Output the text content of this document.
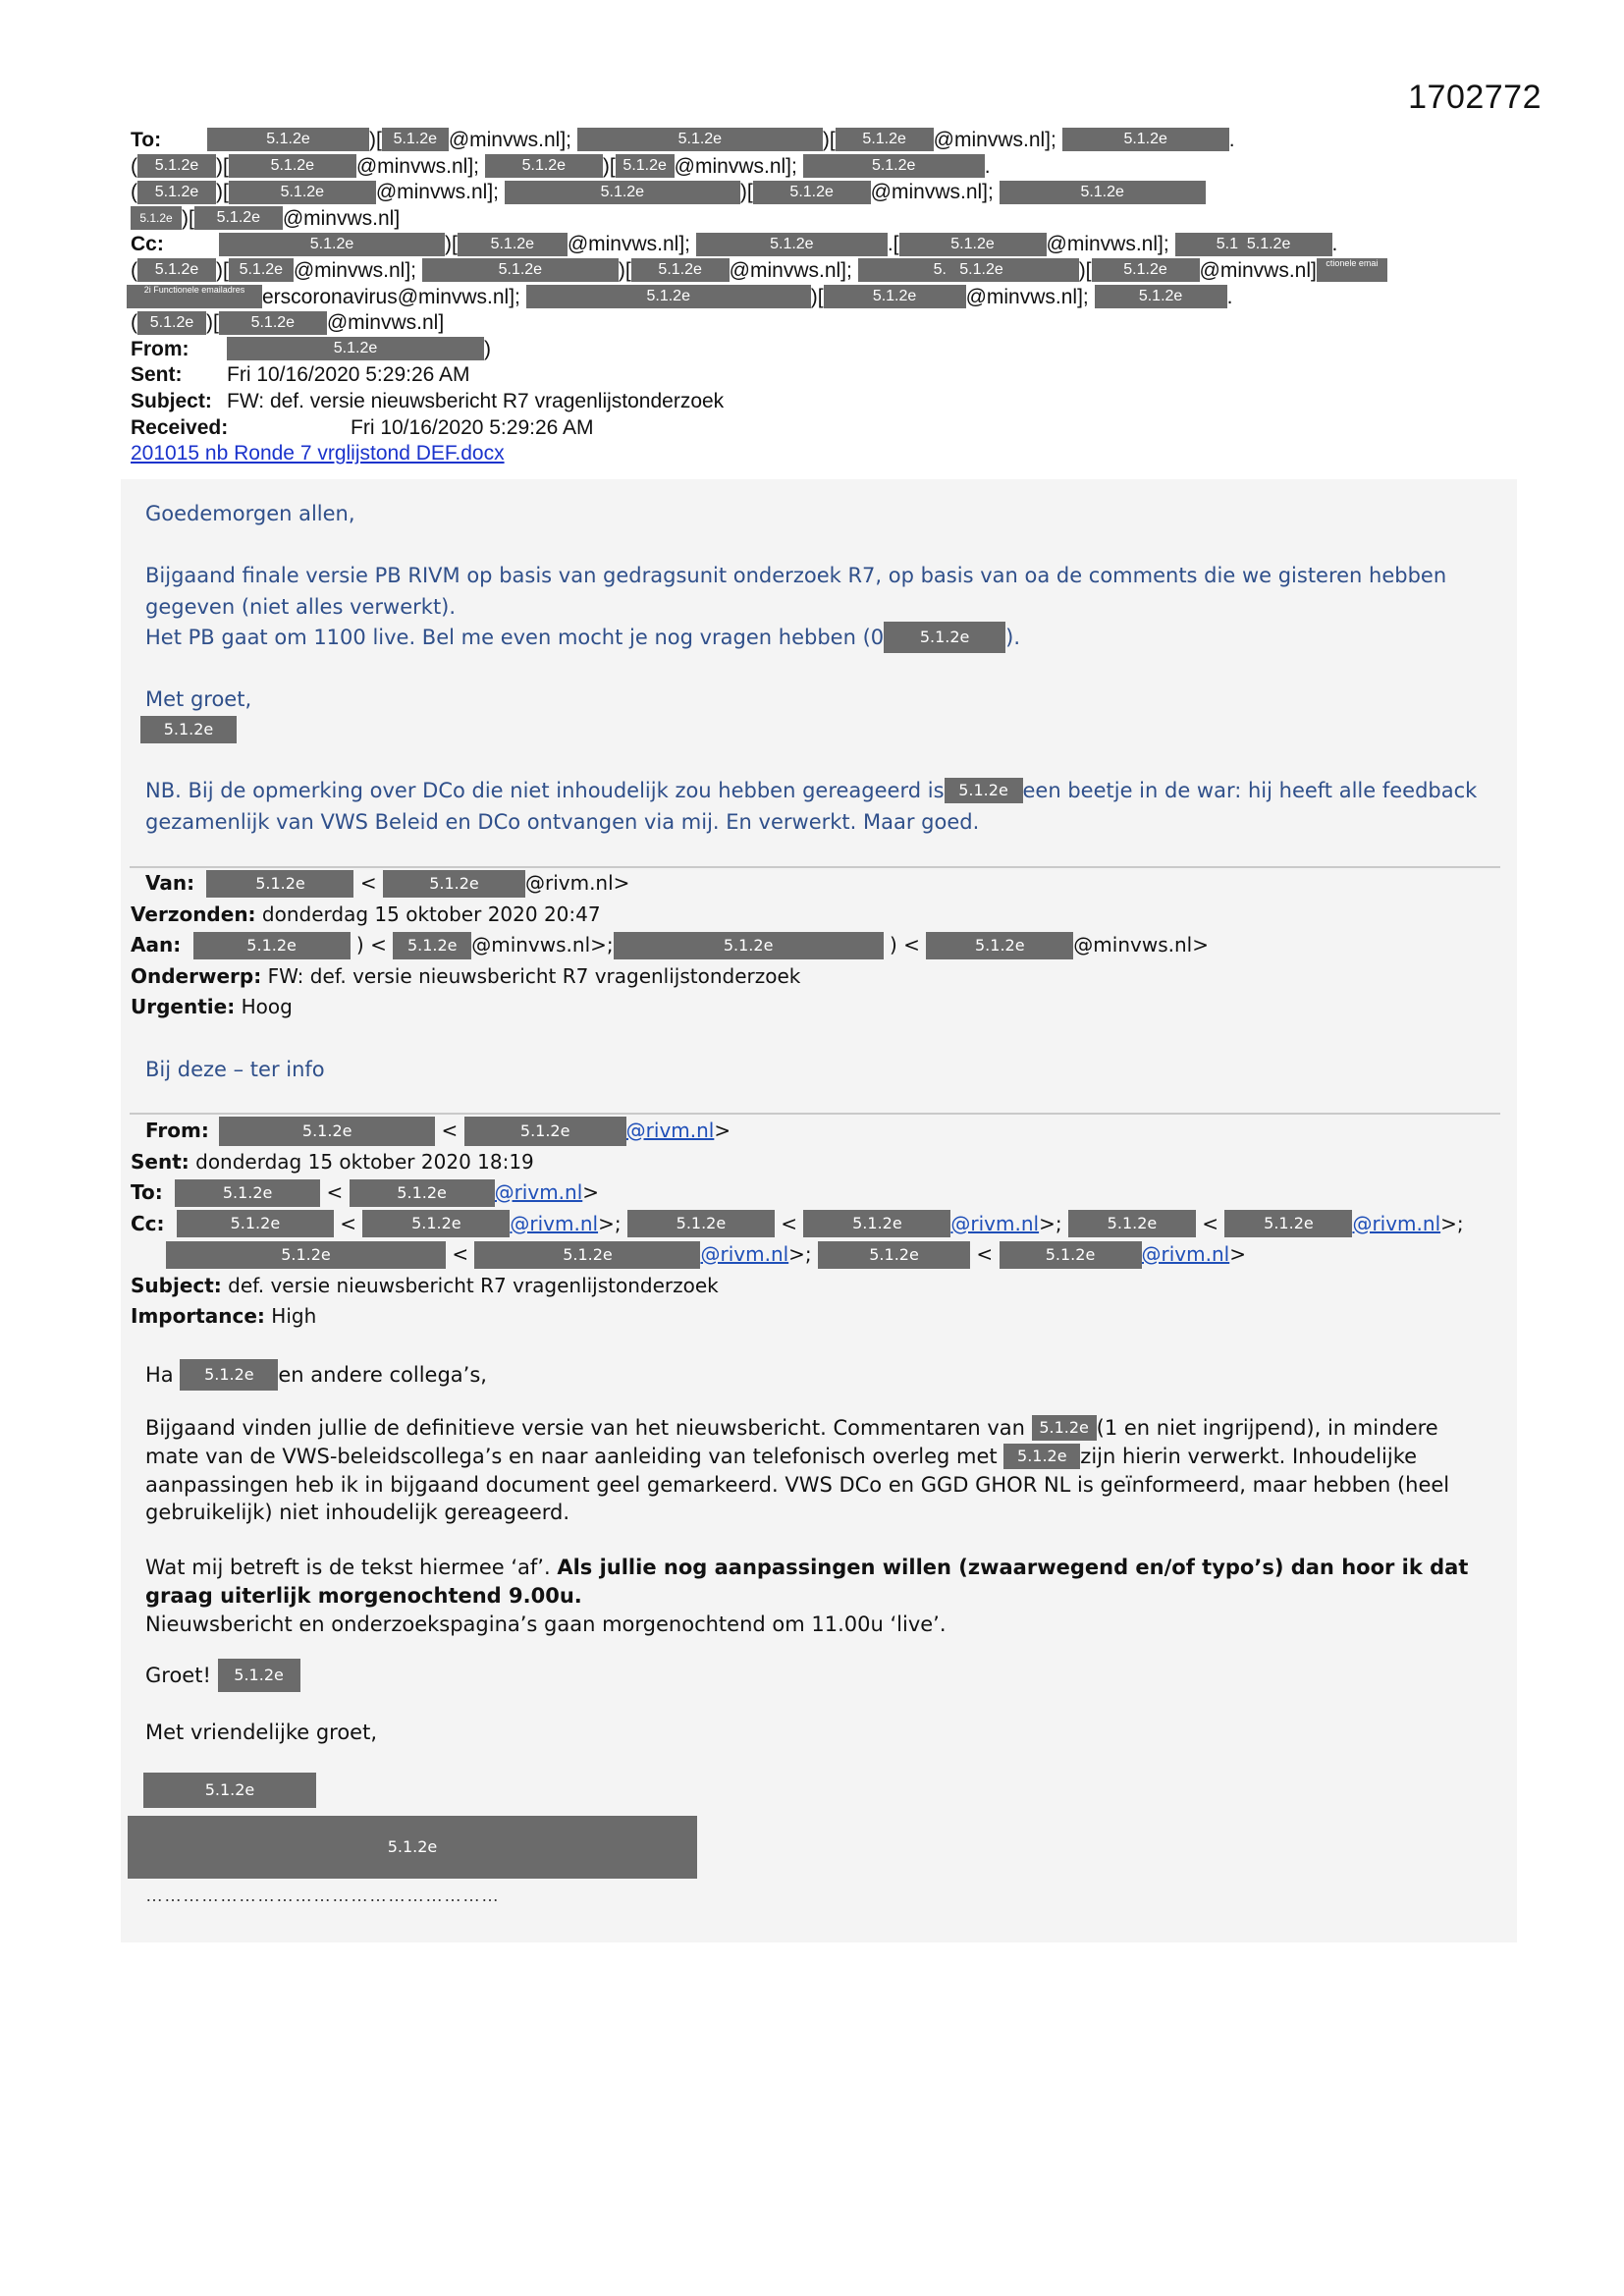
1702772
To:	5.1.2e	)[ 5.1.2e @minvws.nl];	5.1.2e	)[ 5.1.2e @minvws.nl];	5.1.2e	.
( 5.1.2e )[	5.1.2e @minvws.nl];	5.1.2e )[ 5.1.2e @minvws.nl];	5.1.2e	.
( 5.1.2e )[	5.1.2e	@minvws.nl];	5.1.2e	)[ 5.1.2e @minvws.nl];	5.1.2e
5.1.2e )[ 5.1.2e @minvws.nl]
Cc:	5.1.2e	)[ 5.1.2e @minvws.nl];	5.1.2e	.[	5.1.2e	@minvws.nl];	5.1 5.1.2e .
( 5.1.2e )[ 5.1.2e @minvws.nl];	5.1.2e	)[ 5.1.2e @minvws.nl];	5. 5.1.2e	)[ 5.1.2e @minvws.nl] ctionele emai
2i Functionele emailadres erscoronavirus@minvws.nl];	5.1.2e	)[	5.1.2e @minvws.nl];	5.1.2e .
( 5.1.2e )[ 5.1.2e @minvws.nl]
From:	5.1.2e	)
Sent: Fri 10/16/2020 5:29:26 AM
Subject: FW: def. versie nieuwsbericht R7 vragenlijstonderzoek
Received:	Fri 10/16/2020 5:29:26 AM
201015 nb Ronde 7 vrglijstond DEF.docx
Goedemorgen allen,
Bijgaand finale versie PB RIVM op basis van gedragsunit onderzoek R7, op basis van oa de comments die we gisteren hebben gegeven (niet alles verwerkt).
Het PB gaat om 1100 live. Bel me even mocht je nog vragen hebben (0 5.1.2e ).
Met groet,
5.1.2e
NB. Bij de opmerking over DCo die niet inhoudelijk zou hebben gereageerd is 5.1.2e een beetje in de war: hij heeft alle feedback gezamenlijk van VWS Beleid en DCo ontvangen via mij. En verwerkt. Maar goed.
Van:	5.1.2e <	5.1.2e @rivm.nl>
Verzonden: donderdag 15 oktober 2020 20:47
Aan:	5.1.2e	) < 5.1.2e @minvws.nl>;	5.1.2e	) <	5.1.2e @minvws.nl>
Onderwerp: FW: def. versie nieuwsbericht R7 vragenlijstonderzoek
Urgentie: Hoog
Bij deze – ter info
From:	5.1.2e	<	5.1.2e	@rivm.nl>
Sent: donderdag 15 oktober 2020 18:19
To:	5.1.2e <	5.1.2e @rivm.nl>
Cc:	5.1.2e	<	5.1.2e @rivm.nl>;	5.1.2e <	5.1.2e @rivm.nl>;	5.1.2e < 5.1.2e @rivm.nl>;
5.1.2e	<	5.1.2e	@rivm.nl>;	5.1.2e	<	5.1.2e @rivm.nl>
Subject: def. versie nieuwsbericht R7 vragenlijstonderzoek
Importance: High
Ha 5.1.2e en andere collega’s,
Bijgaand vinden jullie de definitieve versie van het nieuwsbericht. Commentaren van 5.1.2e (1 en niet ingrijpend), in mindere mate van de VWS-beleidscollega’s en naar aanleiding van telefonisch overleg met 5.1.2e zijn hierin verwerkt. Inhoudelijke aanpassingen heb ik in bijgaand document geel gemarkeerd. VWS DCo en GGD GHOR NL is geïnformeerd, maar hebben (heel gebruikelijk) niet inhoudelijk gereageerd.
Wat mij betreft is de tekst hiermee ‘af’. Als jullie nog aanpassingen willen (zwaarwegend en/of typo’s) dan hoor ik dat graag uiterlijk morgenochtend 9.00u.
Nieuwsbericht en onderzoekspagina’s gaan morgenochtend om 11.00u ‘live’.
Groet! 5.1.2e
Met vriendelijke groet,
5.1.2e
5.1.2e
…………………………………………………
